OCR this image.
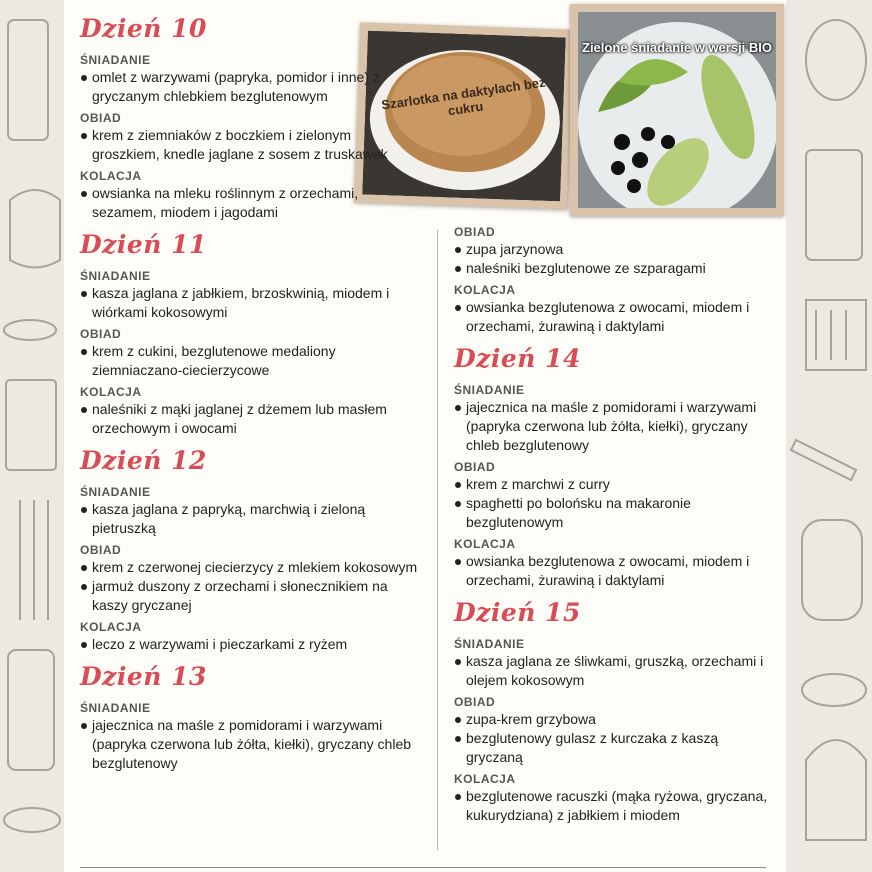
Szarlotka na daktylach bez cukru
Zielone śniadanie w wersji BIO
Dzień 10

ŚNIADANIE

omlet z warzywami (papryka, pomidor i inne) z gryczanym chlebkiem bezglutenowym

OBIAD

krem z ziemniaków z boczkiem i zielonym groszkiem, knedle jaglane z sosem z truskawek

KOLACJA

owsianka na mleku roślinnym z orzechami, sezamem, miodem i jagodami
Dzień 11

ŚNIADANIE

kasza jaglana z jabłkiem, brzoskwinią, miodem i wiórkami kokosowymi

OBIAD

krem z cukini, bezglutenowe medaliony ziemniaczano-ciecierzycowe

KOLACJA

naleśniki z mąki jaglanej z dżemem lub masłem orzechowym i owocami
Dzień 12

ŚNIADANIE

kasza jaglana z papryką, marchwią i zieloną pietruszką

OBIAD

krem z czerwonej ciecierzycy z mlekiem kokosowym
jarmuż duszony z orzechami i słonecznikiem na kaszy gryczanej

KOLACJA

leczo z warzywami i pieczarkami z ryżem
Dzień 13

ŚNIADANIE

jajecznica na maśle z pomidorami i warzywami (papryka czerwona lub żółta, kiełki), gryczany chleb bezglutenowy

OBIAD

zupa jarzynowa
naleśniki bezglutenowe ze szparagami

KOLACJA

owsianka bezglutenowa z owocami, miodem i orzechami, żurawiną i daktylami
Dzień 14

ŚNIADANIE

jajecznica na maśle z pomidorami i warzywami (papryka czerwona lub żółta, kiełki), gryczany chleb bezglutenowy

OBIAD

krem z marchwi z curry
spaghetti po bolońsku na makaronie bezglutenowym

KOLACJA

owsianka bezglutenowa z owocami, miodem i orzechami, żurawiną i daktylami
Dzień 15

ŚNIADANIE

kasza jaglana ze śliwkami, gruszką, orzechami i olejem kokosowym

OBIAD

zupa-krem grzybowa
bezglutenowy gulasz z kurczaka z kaszą gryczaną

KOLACJA

bezglutenowe racuszki (mąka ryżowa, gryczana, kukurydziana) z jabłkiem i miodem
